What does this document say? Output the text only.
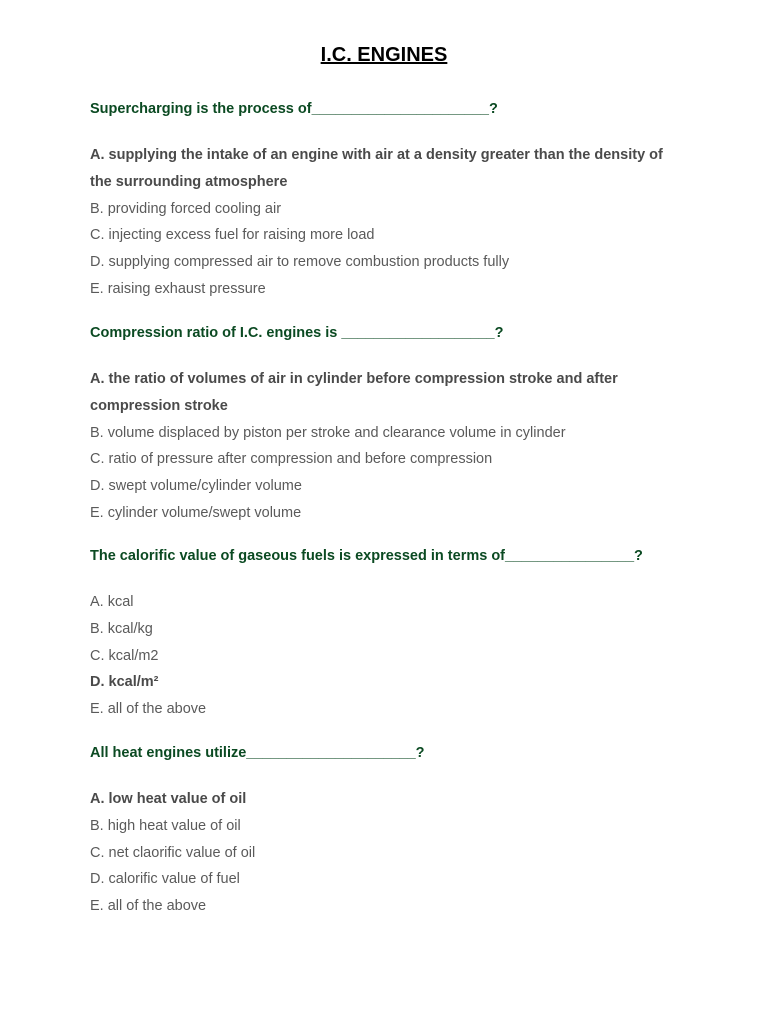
I.C. ENGINES

Supercharging is the process of______________________?

A. supplying the intake of an engine with air at a density greater than the density of the surrounding atmosphere
B. providing forced cooling air
C. injecting excess fuel for raising more load
D. supplying compressed air to remove combustion products fully
E. raising exhaust pressure

Compression ratio of I.C. engines is ___________________?

A. the ratio of volumes of air in cylinder before compression stroke and after compression stroke
B. volume displaced by piston per stroke and clearance volume in cylinder
C. ratio of pressure after compression and before compression
D. swept volume/cylinder volume
E. cylinder volume/swept volume

The calorific value of gaseous fuels is expressed in terms of________________?

A. kcal
B. kcal/kg
C. kcal/m2
D. kcal/m²
E. all of the above

All heat engines utilize_____________________?

A. low heat value of oil
B. high heat value of oil
C. net claorific value of oil
D. calorific value of fuel
E. all of the above
